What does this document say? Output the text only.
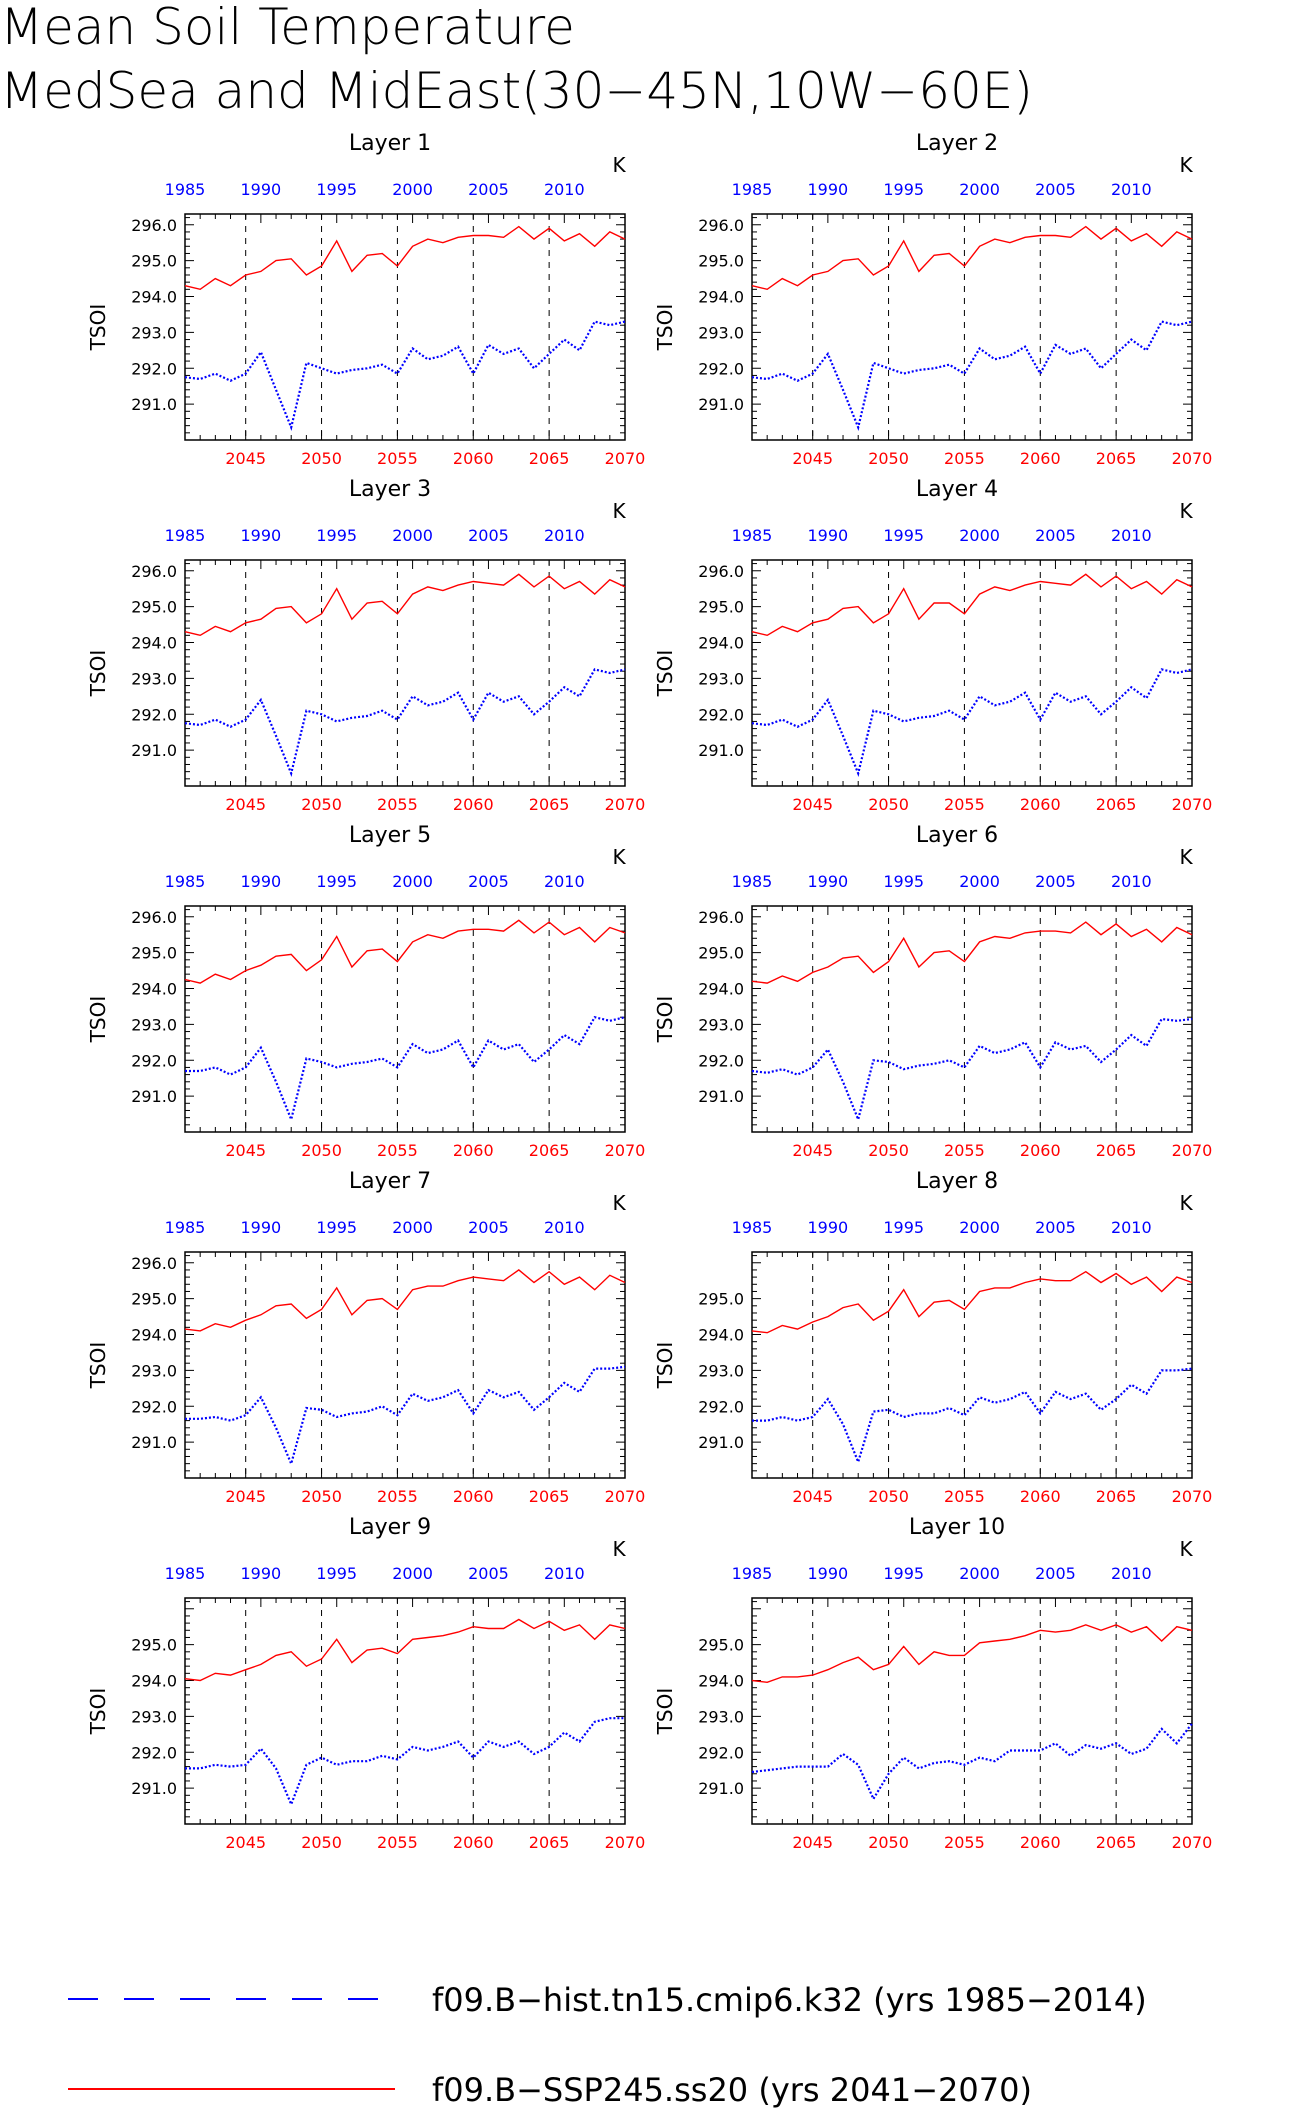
Mean Soil Temperature
MedSea and MidEast(30−45N,10W−60E)
291.0
292.0
293.0
294.0
295.0
296.0
2045 2050 2055 2060 2065 2070
1985 1990 1995 2000 2005 2010
Layer 1
TSOI
K
291.0
292.0
293.0
294.0
295.0
296.0
2045 2050 2055 2060 2065 2070
1985 1990 1995 2000 2005 2010
Layer 2
TSOI
K
291.0
292.0
293.0
294.0
295.0
296.0
2045 2050 2055 2060 2065 2070
1985 1990 1995 2000 2005 2010
Layer 3
TSOI
K
291.0
292.0
293.0
294.0
295.0
296.0
2045 2050 2055 2060 2065 2070
1985 1990 1995 2000 2005 2010
Layer 4
TSOI
K
291.0
292.0
293.0
294.0
295.0
296.0
2045 2050 2055 2060 2065 2070
1985 1990 1995 2000 2005 2010
Layer 5
TSOI
K
291.0
292.0
293.0
294.0
295.0
296.0
2045 2050 2055 2060 2065 2070
1985 1990 1995 2000 2005 2010
Layer 6
TSOI
K
291.0
292.0
293.0
294.0
295.0
296.0
2045 2050 2055 2060 2065 2070
1985 1990 1995 2000 2005 2010
Layer 7
TSOI
K
291.0
292.0
293.0
294.0
295.0
2045 2050 2055 2060 2065 2070
1985 1990 1995 2000 2005 2010
Layer 8
TSOI
K
291.0
292.0
293.0
294.0
295.0
2045 2050 2055 2060 2065 2070
1985 1990 1995 2000 2005 2010
Layer 9
TSOI
K
291.0
292.0
293.0
294.0
295.0
2045 2050 2055 2060 2065 2070
1985 1990 1995 2000 2005 2010
Layer 10
TSOI
K
f09.B−hist.tn15.cmip6.k32 (yrs 1985−2014)
f09.B−SSP245.ss20 (yrs 2041−2070)
